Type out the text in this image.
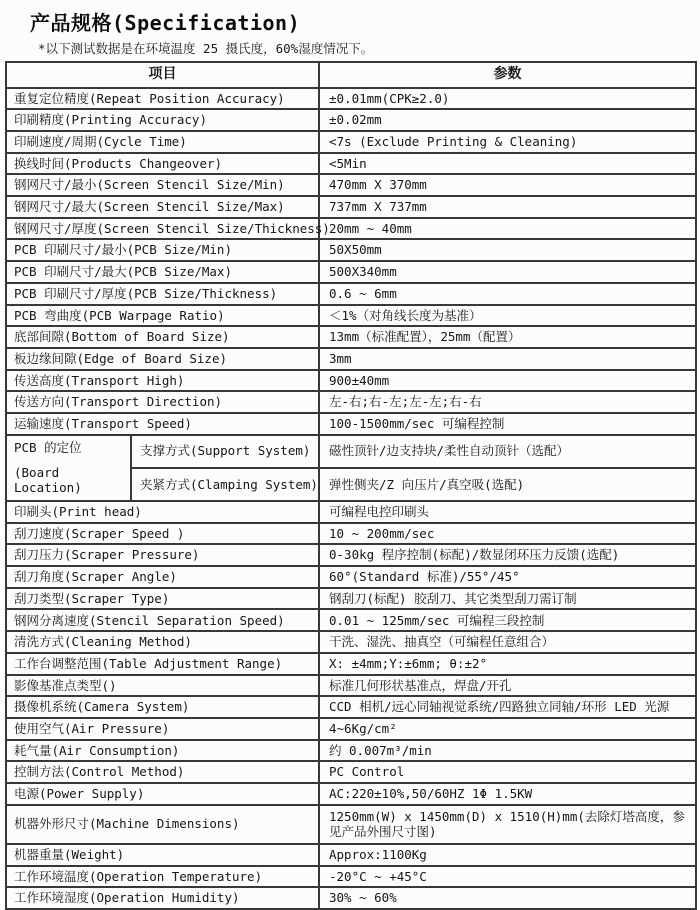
产品规格(Specification)
*以下测试数据是在环境温度 25 摄氏度，60%湿度情况下。
项目		参数
重复定位精度(Repeat Position Accuracy)		±0.01mm(CPK≥2.0)
印刷精度(Printing Accuracy)		±0.02mm
印刷速度/周期(Cycle Time)		<7s (Exclude Printing & Cleaning)
换线时间(Products Changeover)		<5Min
钢网尺寸/最小(Screen Stencil Size/Min)		470mm X 370mm
钢网尺寸/最大(Screen Stencil Size/Max)		737mm X 737mm
钢网尺寸/厚度(Screen Stencil Size/Thickness)		20mm ~ 40mm
PCB 印刷尺寸/最小(PCB Size/Min)		50X50mm
PCB 印刷尺寸/最大(PCB Size/Max)		500X340mm
PCB 印刷尺寸/厚度(PCB Size/Thickness)		0.6 ~ 6mm
PCB 弯曲度(PCB Warpage Ratio)		＜1%（对角线长度为基准）
底部间隙(Bottom of Board Size)		13mm（标准配置），25mm（配置）
板边缘间隙(Edge of Board Size)		3mm
传送高度(Transport High)		900±40mm
传送方向(Transport Direction)		左-右;右-左;左-左;右-右
运输速度(Transport Speed)		100-1500mm/sec 可编程控制

PCB 的定位
(Board Location)	支撑方式(Support System)	磁性顶针/边支持块/柔性自动顶针（选配）
	夹紧方式(Clamping System)	弹性侧夹/Z 向压片/真空吸(选配)
印刷头(Print head)		可编程电控印刷头
刮刀速度(Scraper Speed )		10 ~ 200mm/sec
刮刀压力(Scraper Pressure)		0-30kg 程序控制(标配)/数显闭环压力反馈(选配)
刮刀角度(Scraper Angle)		60°(Standard 标准)/55°/45°
刮刀类型(Scraper Type)		钢刮刀(标配) 胶刮刀、其它类型刮刀需订制
钢网分离速度(Stencil Separation Speed)		0.01 ~ 125mm/sec 可编程三段控制
清洗方式(Cleaning Method)		干洗、湿洗、抽真空（可编程任意组合）
工作台调整范围(Table Adjustment Range)		X: ±4mm;Y:±6mm; θ:±2°
影像基准点类型()		标准几何形状基准点，焊盘/开孔
摄像机系统(Camera System)		CCD 相机/远心同轴视觉系统/四路独立同轴/环形 LED 光源
使用空气(Air Pressure)		4~6Kg/cm²
耗气量(Air Consumption)		约 0.007m³/min
控制方法(Control Method)		PC Control
电源(Power Supply)		AC:220±10%,50/60HZ 1Φ 1.5KW
机器外形尺寸(Machine Dimensions)		1250mm(W) x 1450mm(D) x 1510(H)mm(去除灯塔高度，参见产品外围尺寸图)
机器重量(Weight)		Approx:1100Kg
工作环境温度(Operation Temperature)		-20°C ~ +45°C
工作环境湿度(Operation Humidity)		30% ~ 60%
